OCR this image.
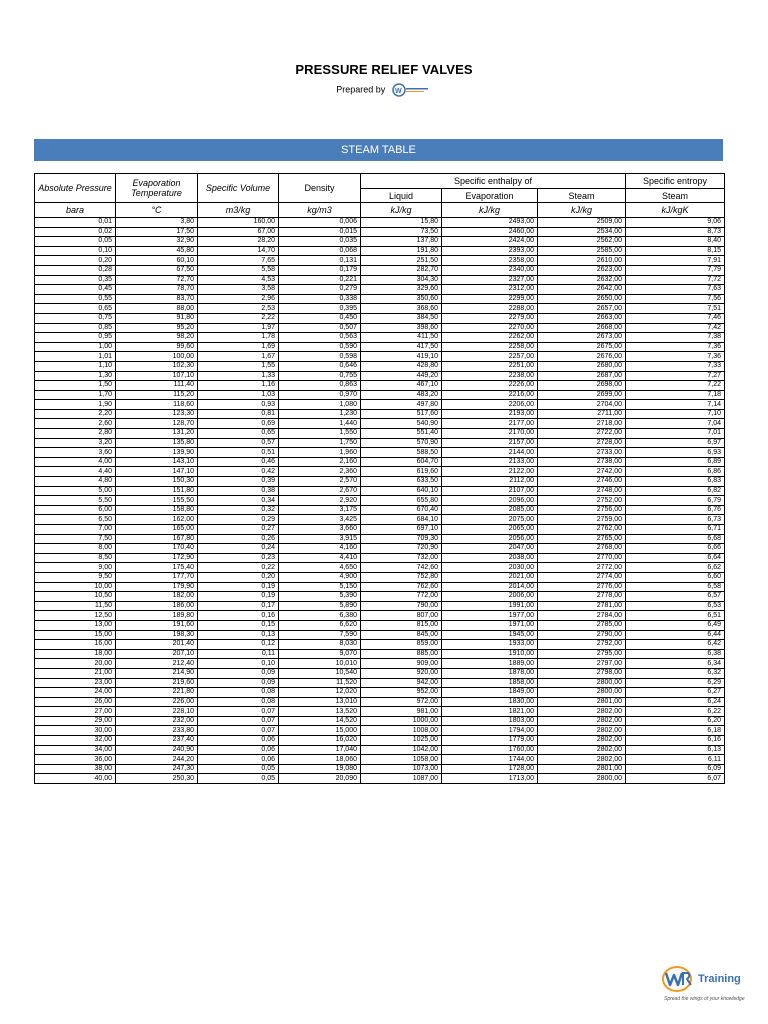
PRESSURE RELIEF VALVES
Prepared by W
STEAM TABLE
Absolute Pressure	Evaporation Temperature	Specific Volume	Density	Specific enthalpy of			Specific entropy
				Liquid	Evaporation	Steam	Steam
bara	°C	m3/kg	kg/m3	kJ/kg	kJ/kg	kJ/kg	kJ/kgK
0,01	3,80	160,00	0,006	15,80	2493,00	2509,00	9,06
0,02	17,50	67,00	0,015	73,50	2460,00	2534,00	8,73
0,05	32,90	28,20	0,035	137,80	2424,00	2562,00	8,40
0,10	45,80	14,70	0,068	191,80	2393,00	2585,00	8,15
0,20	60,10	7,65	0,131	251,50	2358,00	2610,00	7,91
0,28	67,50	5,58	0,179	282,70	2340,00	2623,00	7,79
0,35	72,70	4,53	0,221	304,30	2327,00	2632,00	7,72
0,45	78,70	3,58	0,279	329,60	2312,00	2642,00	7,63
0,55	83,70	2,96	0,338	350,60	2299,00	2650,00	7,56
0,65	88,00	2,53	0,395	368,60	2288,00	2657,00	7,51
0,75	91,80	2,22	0,450	384,50	2279,00	2663,00	7,46
0,85	95,20	1,97	0,507	398,60	2270,00	2668,00	7,42
0,95	98,20	1,78	0,563	411,50	2262,00	2673,00	7,38
1,00	99,60	1,69	0,590	417,50	2258,00	2675,00	7,36
1,01	100,00	1,67	0,598	419,10	2257,00	2676,00	7,36
1,10	102,30	1,55	0,646	428,80	2251,00	2680,00	7,33
1,30	107,10	1,33	0,755	449,20	2238,00	2687,00	7,27
1,50	111,40	1,16	0,863	467,10	2226,00	2698,00	7,22
1,70	115,20	1,03	0,970	483,20	2216,00	2699,00	7,18
1,90	118,60	0,93	1,080	497,80	2206,00	2704,00	7,14
2,20	123,30	0,81	1,230	517,60	2193,00	2711,00	7,10
2,60	128,70	0,69	1,440	540,90	2177,00	2718,00	7,04
2,80	131,20	0,65	1,550	551,40	2170,00	2722,00	7,01
3,20	135,80	0,57	1,750	570,90	2157,00	2728,00	6,97
3,60	139,90	0,51	1,960	588,50	2144,00	2733,00	6,93
4,00	143,10	0,46	2,160	604,70	2133,00	2738,00	6,89
4,40	147,10	0,42	2,360	619,60	2122,00	2742,00	6,86
4,80	150,30	0,39	2,570	633,50	2112,00	2746,00	6,83
5,00	151,80	0,38	2,670	640,10	2107,00	2748,00	6,82
5,50	155,50	0,34	2,920	655,80	2096,00	2752,00	6,79
6,00	158,80	0,32	3,175	670,40	2085,00	2756,00	6,76
6,50	162,00	0,29	3,425	684,10	2075,00	2759,00	6,73
7,00	165,00	0,27	3,660	697,10	2065,00	2762,00	6,71
7,50	167,80	0,26	3,915	709,30	2056,00	2765,00	6,68
8,00	170,40	0,24	4,160	720,90	2047,00	2768,00	6,66
8,50	172,90	0,23	4,410	732,00	2038,00	2770,00	6,64
9,00	175,40	0,22	4,650	742,60	2030,00	2772,00	6,62
9,50	177,70	0,20	4,900	752,80	2021,00	2774,00	6,60
10,00	179,90	0,19	5,150	762,60	2014,00	2776,00	6,58
10,50	182,00	0,19	5,390	772,00	2006,00	2778,00	6,57
11,50	186,00	0,17	5,890	790,00	1991,00	2781,00	6,53
12,50	189,80	0,16	6,380	807,00	1977,00	2784,00	6,51
13,00	191,60	0,15	6,620	815,00	1971,00	2785,00	6,49
15,00	198,30	0,13	7,590	845,00	1945,00	2790,00	6,44
16,00	201,40	0,12	8,030	859,00	1933,00	2792,00	6,42
18,00	207,10	0,11	9,070	885,00	1910,00	2795,00	6,38
20,00	212,40	0,10	10,010	909,00	1889,00	2797,00	6,34
21,00	214,90	0,09	10,540	920,00	1878,00	2798,00	6,32
23,00	219,60	0,09	11,520	942,00	1858,00	2800,00	6,29
24,00	221,80	0,08	12,020	952,00	1849,00	2800,00	6,27
26,00	226,00	0,08	13,010	972,00	1830,00	2801,00	6,24
27,00	228,10	0,07	13,520	981,00	1821,00	2802,00	6,22
29,00	232,00	0,07	14,520	1000,00	1803,00	2802,00	6,20
30,00	233,80	0,07	15,000	1008,00	1794,00	2802,00	6,18
32,00	237,40	0,06	16,020	1025,00	1779,00	2802,00	6,16
34,00	240,90	0,06	17,040	1042,00	1760,00	2802,00	6,13
36,00	244,20	0,06	18,060	1058,00	1744,00	2802,00	6,11
38,00	247,30	0,05	19,080	1073,00	1728,00	2801,00	6,09
40,00	250,30	0,05	20,090	1087,00	1713,00	2800,00	6,07
Training
Spread the wings of your knowledge
